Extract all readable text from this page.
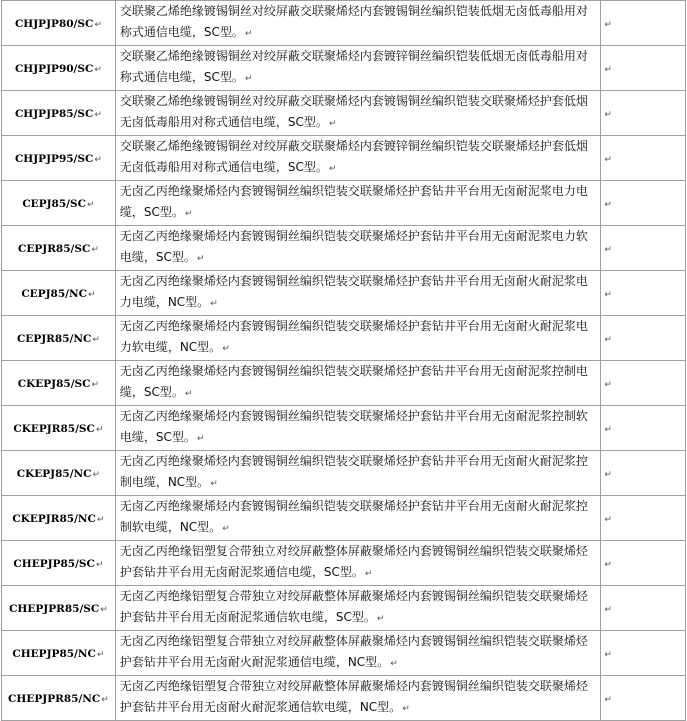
CHJPJP80/SC↵	交联聚乙烯绝缘镀锡铜丝对绞屏蔽交联聚烯烃内套镀锡铜丝编织铠装低烟无卤低毒船用对称式通信电缆，SC型。↵	↵
CHJPJP90/SC↵	交联聚乙烯绝缘镀锡铜丝对绞屏蔽交联聚烯烃内套镀锌铜丝编织铠装低烟无卤低毒船用对称式通信电缆，SC型。↵	↵
CHJPJP85/SC↵	交联聚乙烯绝缘镀锡铜丝对绞屏蔽交联聚烯烃内套镀锡铜丝编织铠装交联聚烯烃护套低烟无卤低毒船用对称式通信电缆，SC型。↵	↵
CHJPJP95/SC↵	交联聚乙烯绝缘镀锡铜丝对绞屏蔽交联聚烯烃内套镀锌铜丝编织铠装交联聚烯烃护套低烟无卤低毒船用对称式通信电缆，SC型。↵	↵
CEPJ85/SC↵	无卤乙丙绝缘聚烯烃内套镀锡铜丝编织铠装交联聚烯烃护套钻井平台用无卤耐泥浆电力电缆，SC型。↵	↵
CEPJR85/SC↵	无卤乙丙绝缘聚烯烃内套镀锡铜丝编织铠装交联聚烯烃护套钻井平台用无卤耐泥浆电力软电缆，SC型。↵	↵
CEPJ85/NC↵	无卤乙丙绝缘聚烯烃内套镀锡铜丝编织铠装交联聚烯烃护套钻井平台用无卤耐火耐泥浆电力电缆，NC型。↵	↵
CEPJR85/NC↵	无卤乙丙绝缘聚烯烃内套镀锡铜丝编织铠装交联聚烯烃护套钻井平台用无卤耐火耐泥浆电力软电缆，NC型。↵	↵
CKEPJ85/SC↵	无卤乙丙绝缘聚烯烃内套镀锡铜丝编织铠装交联聚烯烃护套钻井平台用无卤耐泥浆控制电缆，SC型。↵	↵
CKEPJR85/SC↵	无卤乙丙绝缘聚烯烃内套镀锡铜丝编织铠装交联聚烯烃护套钻井平台用无卤耐泥浆控制软电缆，SC型。↵	↵
CKEPJ85/NC↵	无卤乙丙绝缘聚烯烃内套镀锡铜丝编织铠装交联聚烯烃护套钻井平台用无卤耐火耐泥浆控制电缆，NC型。↵	↵
CKEPJR85/NC↵	无卤乙丙绝缘聚烯烃内套镀锡铜丝编织铠装交联聚烯烃护套钻井平台用无卤耐火耐泥浆控制软电缆，NC型。↵	↵
CHEPJP85/SC↵	无卤乙丙绝缘铝塑复合带独立对绞屏蔽整体屏蔽聚烯烃内套镀锡铜丝编织铠装交联聚烯烃护套钻井平台用无卤耐泥浆通信电缆，SC型。↵	↵
CHEPJPR85/SC↵	无卤乙丙绝缘铝塑复合带独立对绞屏蔽整体屏蔽聚烯烃内套镀锡铜丝编织铠装交联聚烯烃护套钻井平台用无卤耐泥浆通信软电缆，SC型。↵	↵
CHEPJP85/NC↵	无卤乙丙绝缘铝塑复合带独立对绞屏蔽整体屏蔽聚烯烃内套镀锡铜丝编织铠装交联聚烯烃护套钻井平台用无卤耐火耐泥浆通信电缆，NC型。↵	↵
CHEPJPR85/NC↵	无卤乙丙绝缘铝塑复合带独立对绞屏蔽整体屏蔽聚烯烃内套镀锡铜丝编织铠装交联聚烯烃护套钻井平台用无卤耐火耐泥浆通信软电缆，NC型。↵	↵
